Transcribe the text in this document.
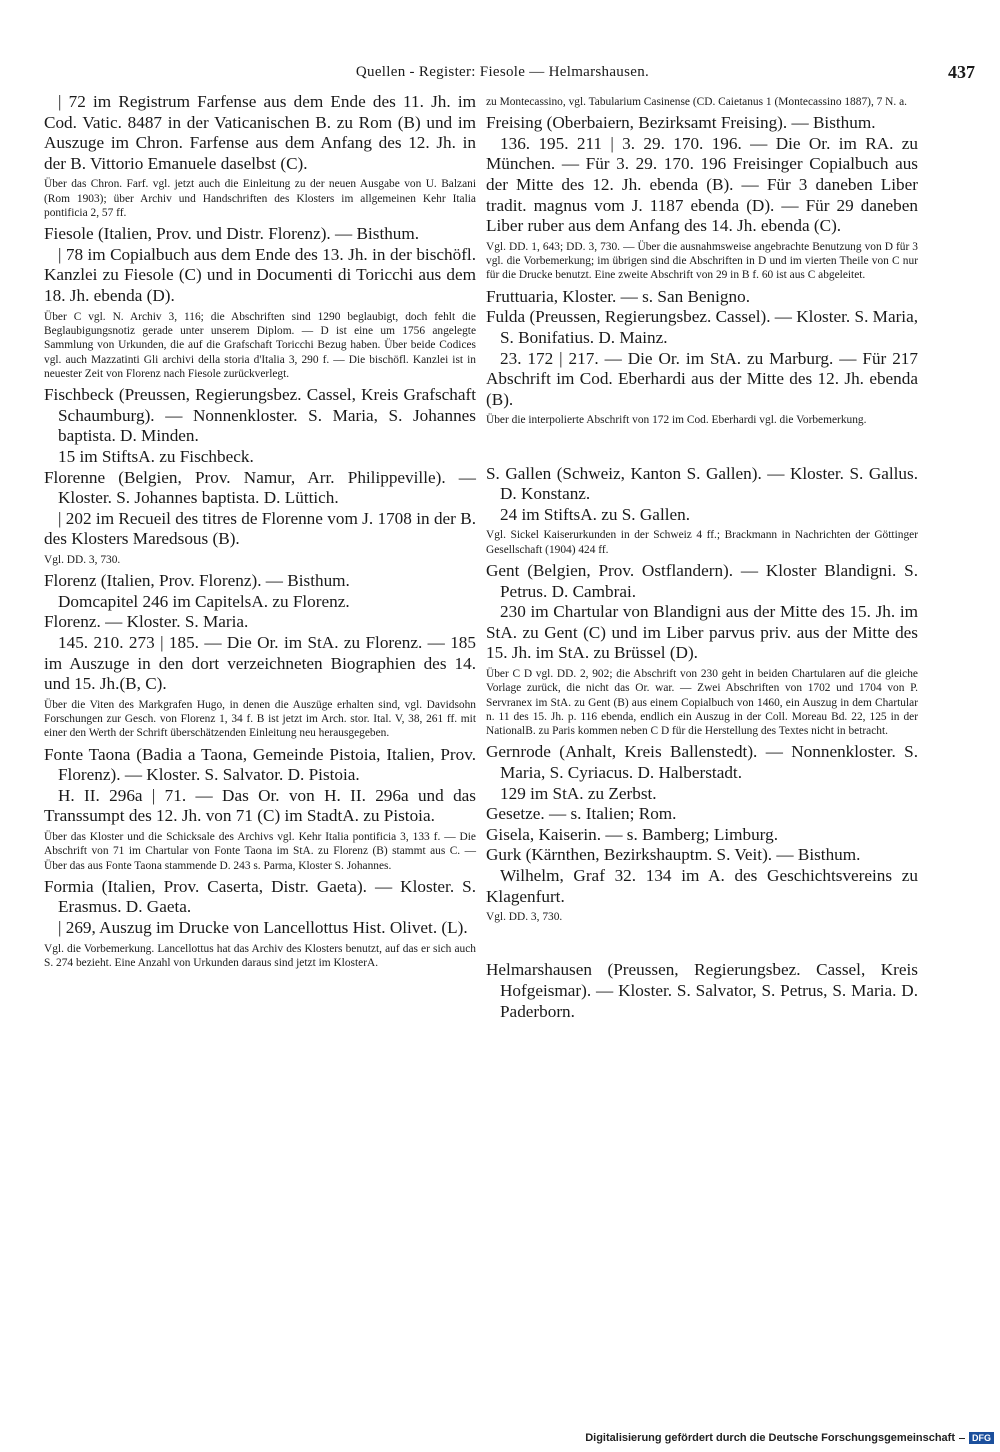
Quellen - Register: Fiesole — Helmarshausen.	437

| 72 im Registrum Farfense aus dem Ende des 11. Jh. im Cod. Vatic. 8487 in der Vaticanischen B. zu Rom (B) und im Auszuge im Chron. Farfense aus dem Anfang des 12. Jh. in der B. Vittorio Emanuele daselbst (C).

Über das Chron. Farf. vgl. jetzt auch die Einleitung zu der neuen Ausgabe von U. Balzani (Rom 1903); über Archiv und Handschriften des Klosters im allgemeinen Kehr Italia pontificia 2, 57 ff.

Fiesole (Italien, Prov. und Distr. Florenz). — Bisthum.

| 78 im Copialbuch aus dem Ende des 13. Jh. in der bischöfl. Kanzlei zu Fiesole (C) und in Documenti di Toricchi aus dem 18. Jh. ebenda (D).

Über C vgl. N. Archiv 3, 116; die Abschriften sind 1290 beglaubigt, doch fehlt die Beglaubigungsnotiz gerade unter unserem Diplom. — D ist eine um 1756 angelegte Sammlung von Urkunden, die auf die Grafschaft Toricchi Bezug haben. Über beide Codices vgl. auch Mazzatinti Gli archivi della storia d'Italia 3, 290 f. — Die bischöfl. Kanzlei ist in neuester Zeit von Florenz nach Fiesole zurückverlegt.

Fischbeck (Preussen, Regierungsbez. Cassel, Kreis Grafschaft Schaumburg). — Nonnenkloster. S. Maria, S. Johannes baptista. D. Minden.

15 im StiftsA. zu Fischbeck.

Florenne (Belgien, Prov. Namur, Arr. Philippeville). — Kloster. S. Johannes baptista. D. Lüttich.

| 202 im Recueil des titres de Florenne vom J. 1708 in der B. des Klosters Maredsous (B).

Vgl. DD. 3, 730.

Florenz (Italien, Prov. Florenz). — Bisthum.

Domcapitel 246 im CapitelsA. zu Florenz.

Florenz. — Kloster. S. Maria.

145. 210. 273 | 185. — Die Or. im StA. zu Florenz. — 185 im Auszuge in den dort verzeichneten Biographien des 14. und 15. Jh.(B, C).

Über die Viten des Markgrafen Hugo, in denen die Auszüge erhalten sind, vgl. Davidsohn Forschungen zur Gesch. von Florenz 1, 34 f. B ist jetzt im Arch. stor. Ital. V, 38, 261 ff. mit einer den Werth der Schrift überschätzenden Einleitung neu herausgegeben.

Fonte Taona (Badia a Taona, Gemeinde Pistoia, Italien, Prov. Florenz). — Kloster. S. Salvator. D. Pistoia.

H. II. 296a | 71. — Das Or. von H. II. 296a und das Transsumpt des 12. Jh. von 71 (C) im StadtA. zu Pistoia.

Über das Kloster und die Schicksale des Archivs vgl. Kehr Italia pontificia 3, 133 f. — Die Abschrift von 71 im Chartular von Fonte Taona im StA. zu Florenz (B) stammt aus C. — Über das aus Fonte Taona stammende D. 243 s. Parma, Kloster S. Johannes.

Formia (Italien, Prov. Caserta, Distr. Gaeta). — Kloster. S. Erasmus. D. Gaeta.

| 269, Auszug im Drucke von Lancellottus Hist. Olivet. (L).

Vgl. die Vorbemerkung. Lancellottus hat das Archiv des Klosters benutzt, auf das er sich auch S. 274 bezieht. Eine Anzahl von Urkunden daraus sind jetzt im KlosterA.

zu Montecassino, vgl. Tabularium Casinense (CD. Caietanus 1 (Montecassino 1887), 7 N. a.

Freising (Oberbaiern, Bezirksamt Freising). — Bisthum.

136. 195. 211 | 3. 29. 170. 196. — Die Or. im RA. zu München. — Für 3. 29. 170. 196 Freisinger Copialbuch aus der Mitte des 12. Jh. ebenda (B). — Für 3 daneben Liber tradit. magnus vom J. 1187 ebenda (D). — Für 29 daneben Liber ruber aus dem Anfang des 14. Jh. ebenda (C).

Vgl. DD. 1, 643; DD. 3, 730. — Über die ausnahmsweise angebrachte Benutzung von D für 3 vgl. die Vorbemerkung; im übrigen sind die Abschriften in D und im vierten Theile von C nur für die Drucke benutzt. Eine zweite Abschrift von 29 in B f. 60 ist aus C abgeleitet.

Fruttuaria, Kloster. — s. San Benigno.

Fulda (Preussen, Regierungsbez. Cassel). — Kloster. S. Maria, S. Bonifatius. D. Mainz.

23. 172 | 217. — Die Or. im StA. zu Marburg. — Für 217 Abschrift im Cod. Eberhardi aus der Mitte des 12. Jh. ebenda (B).

Über die interpolierte Abschrift von 172 im Cod. Eberhardi vgl. die Vorbemerkung.

S. Gallen (Schweiz, Kanton S. Gallen). — Kloster. S. Gallus. D. Konstanz.

24 im StiftsA. zu S. Gallen.

Vgl. Sickel Kaiserurkunden in der Schweiz 4 ff.; Brackmann in Nachrichten der Göttinger Gesellschaft (1904) 424 ff.

Gent (Belgien, Prov. Ostflandern). — Kloster Blandigni. S. Petrus. D. Cambrai.

230 im Chartular von Blandigni aus der Mitte des 15. Jh. im StA. zu Gent (C) und im Liber parvus priv. aus der Mitte des 15. Jh. im StA. zu Brüssel (D).

Über C D vgl. DD. 2, 902; die Abschrift von 230 geht in beiden Chartularen auf die gleiche Vorlage zurück, die nicht das Or. war. — Zwei Abschriften von 1702 und 1704 von P. Servranex im StA. zu Gent (B) aus einem Copialbuch von 1460, ein Auszug in dem Chartular n. 11 des 15. Jh. p. 116 ebenda, endlich ein Auszug in der Coll. Moreau Bd. 22, 125 in der NationalB. zu Paris kommen neben C D für die Herstellung des Textes nicht in betracht.

Gernrode (Anhalt, Kreis Ballenstedt). — Nonnenkloster. S. Maria, S. Cyriacus. D. Halberstadt.

129 im StA. zu Zerbst.

Gesetze. — s. Italien; Rom.

Gisela, Kaiserin. — s. Bamberg; Limburg.

Gurk (Kärnthen, Bezirkshauptm. S. Veit). — Bisthum.

Wilhelm, Graf 32. 134 im A. des Geschichtsvereins zu Klagenfurt.

Vgl. DD. 3, 730.

Helmarshausen (Preussen, Regierungsbez. Cassel, Kreis Hofgeismar). — Kloster. S. Salvator, S. Petrus, S. Maria. D. Paderborn.

Digitalisierung gefördert durch die Deutsche Forschungsgemeinschaft	DFG
